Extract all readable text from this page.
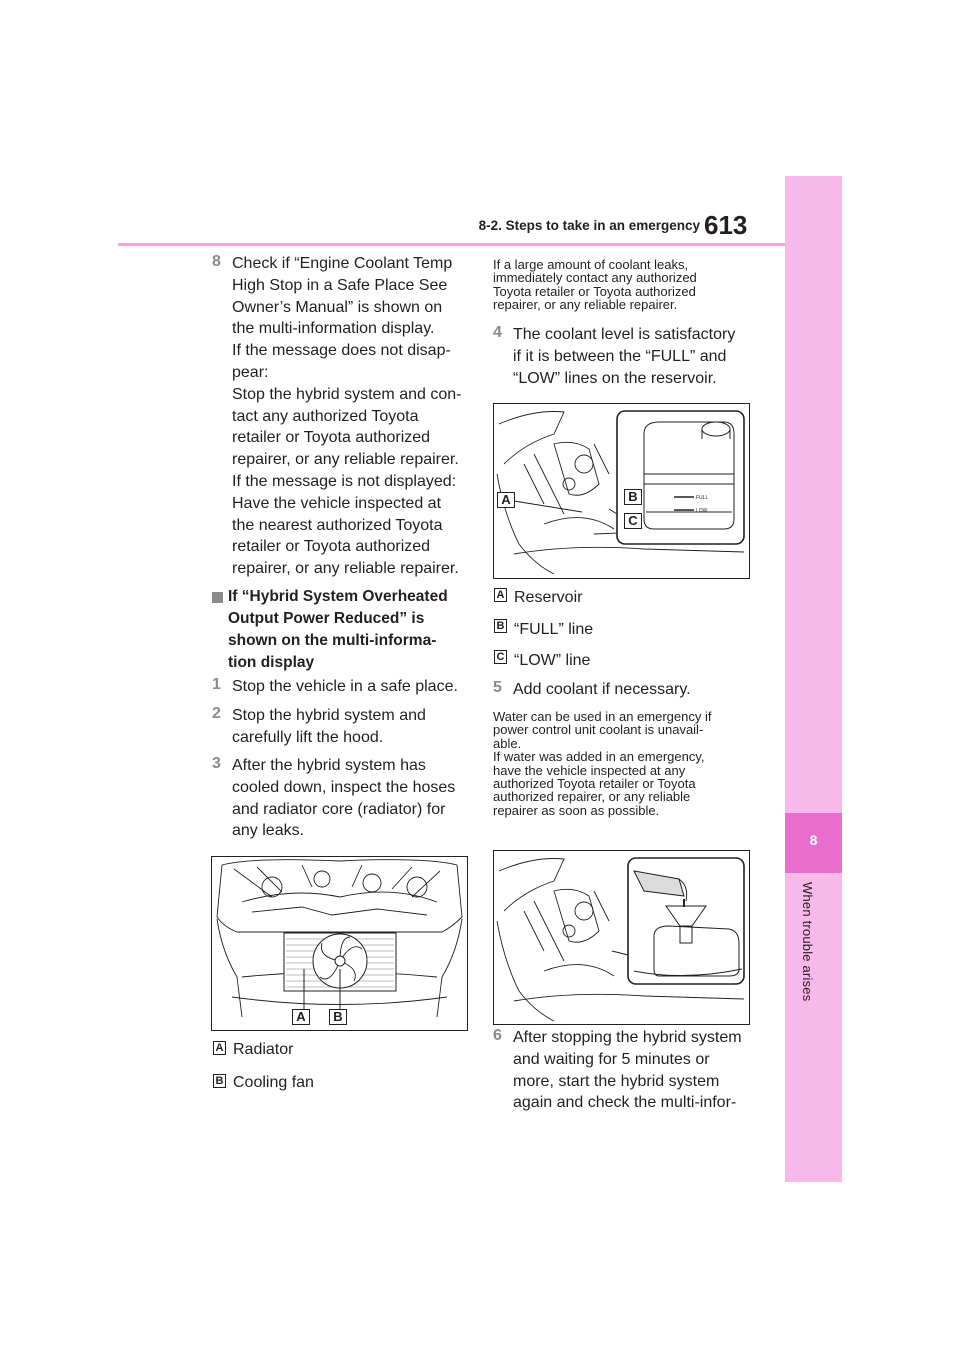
8-2. Steps to take in an emergency 613
8
When trouble arises
8 Check if “Engine Coolant Temp
High Stop in a Safe Place See
Owner’s Manual” is shown on
the multi-information display.
If the message does not disap-
pear:
Stop the hybrid system and con-
tact any authorized Toyota
retailer or Toyota authorized
repairer, or any reliable repairer.
If the message is not displayed:
Have the vehicle inspected at
the nearest authorized Toyota
retailer or Toyota authorized
repairer, or any reliable repairer.
If “Hybrid System Overheated
Output Power Reduced” is
shown on the multi-informa-
tion display
1 Stop the vehicle in a safe place.
2 Stop the hybrid system and
carefully lift the hood.
3 After the hybrid system has
cooled down, inspect the hoses
and radiator core (radiator) for
any leaks.
A	B
A Radiator
B Cooling fan
If a large amount of coolant leaks,
immediately contact any authorized
Toyota retailer or Toyota authorized
repairer, or any reliable repairer.
4 The coolant level is satisfactory
if it is between the “FULL” and
“LOW” lines on the reservoir.
FULL
LOW
A	B
C
A Reservoir
B “FULL” line
C “LOW” line
5 Add coolant if necessary.
Water can be used in an emergency if
power control unit coolant is unavail-
able.
If water was added in an emergency,
have the vehicle inspected at any
authorized Toyota retailer or Toyota
authorized repairer, or any reliable
repairer as soon as possible.
6 After stopping the hybrid system
and waiting for 5 minutes or
more, start the hybrid system
again and check the multi-infor-
